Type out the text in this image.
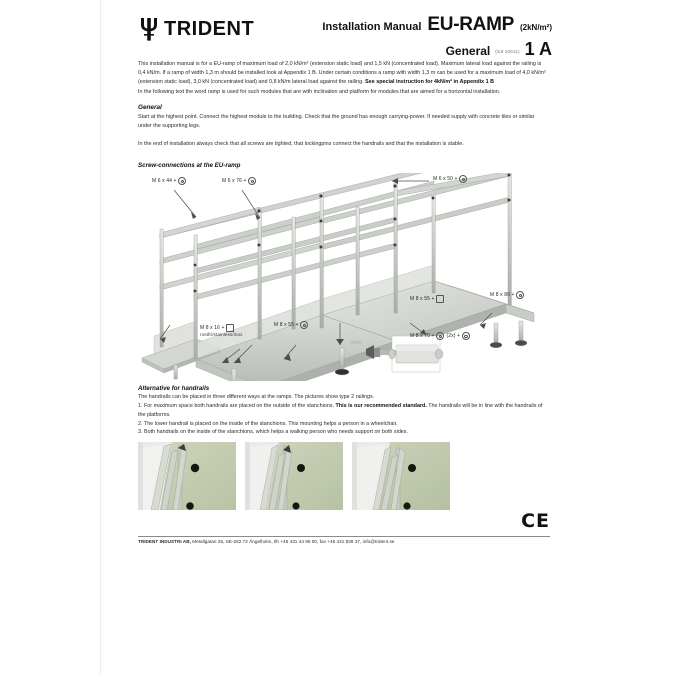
TRIDENT	Installation Manual EU-RAMP (2kN/m²)
General (sid 10011) 1 A
This installation manual is for a EU-ramp of maximum load of 2,0 kN/m² (extension static load) and 1,5 kN (concentrated load). Maximum lateral load against the railing is 0,4 kN/m. If a ramp of width 1,3 m should be installed look at Appendix 1 B. Under certain conditions a ramp with width 1,3 m can be used for a maximum load of 4,0 kN/m² (extension static load), 3,0 kN (concentrated load) and 0,8 kN/m lateral load against the railing. See special instruction for 4kN/m² in Appendix 1 B
In the following text the word ramp is used for such modules that are with inclination and platform for modules that are aimed for a horizontal installation.
General
Start at the highest point. Connect the highest module to the building. Check that the ground has enough carrying-power. If needed supply with concrete tiles or similar under the supporting legs.
In the end of installation always check that all screws are tighted, that lockingpins connect the handrails and that the installation is stable.
Screw-connections at the EU-ramp
M 6 x 44 +	M 6 x 76 +	M 6 x 50 +
M 8 x 16 +
rostfri/stainless/inox
M 8 x 55 +
M 8 x 55 +
M 8 x 80 +
M 8 x 70 + (2x) +
Alternative for handrails
The handrails can be placed in three different ways at the ramps. The pictures show type 2 railings.
1. For maximum space both handrails are placed on the outside of the stanchions. This is our recommended standard. The handrails will be in line with the handrails of the platforms.
2. The lower handrail is placed on the inside of the stanchions. This mounting helps a person in a wheelchair.
3. Both handrails on the inside of the stanchions, which helps a walking person who needs support on both sides.
CE
TRIDENT INDUSTRI AB, Metallgatan 25, SE-262 72 Ängelholm, tlh +46 431 44 95 00, fax +46 431 839 37, info@trident.se
